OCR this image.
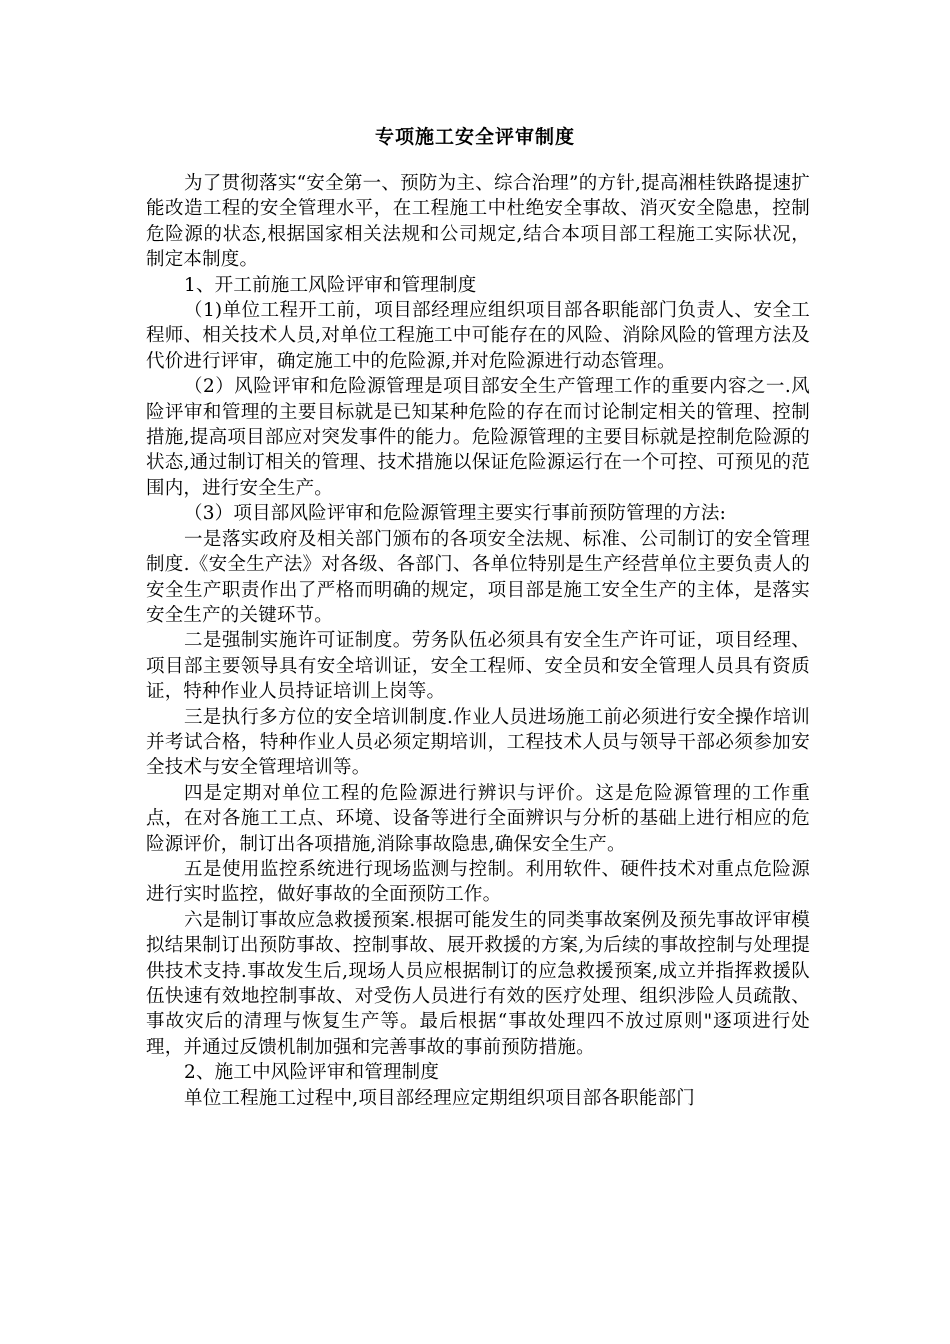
专项施工安全评审制度

为了贯彻落实“安全第一、预防为主、综合治理”的方针,提高湘桂铁路提速扩能改造工程的安全管理水平，在工程施工中杜绝安全事故、消灭安全隐患，控制危险源的状态,根据国家相关法规和公司规定,结合本项目部工程施工实际状况，制定本制度。

1、开工前施工风险评审和管理制度

（1)单位工程开工前，项目部经理应组织项目部各职能部门负责人、安全工程师、相关技术人员,对单位工程施工中可能存在的风险、消除风险的管理方法及代价进行评审，确定施工中的危险源,并对危险源进行动态管理。

（2）风险评审和危险源管理是项目部安全生产管理工作的重要内容之一.风险评审和管理的主要目标就是已知某种危险的存在而讨论制定相关的管理、控制措施,提高项目部应对突发事件的能力。危险源管理的主要目标就是控制危险源的状态,通过制订相关的管理、技术措施以保证危险源运行在一个可控、可预见的范围内，进行安全生产。

（3）项目部风险评审和危险源管理主要实行事前预防管理的方法:

一是落实政府及相关部门颁布的各项安全法规、标准、公司制订的安全管理制度.《安全生产法》对各级、各部门、各单位特别是生产经营单位主要负责人的安全生产职责作出了严格而明确的规定，项目部是施工安全生产的主体，是落实安全生产的关键环节。

二是强制实施许可证制度。劳务队伍必须具有安全生产许可证，项目经理、项目部主要领导具有安全培训证，安全工程师、安全员和安全管理人员具有资质证，特种作业人员持证培训上岗等。

三是执行多方位的安全培训制度.作业人员进场施工前必须进行安全操作培训并考试合格，特种作业人员必须定期培训，工程技术人员与领导干部必须参加安全技术与安全管理培训等。

四是定期对单位工程的危险源进行辨识与评价。这是危险源管理的工作重点，在对各施工工点、环境、设备等进行全面辨识与分析的基础上进行相应的危险源评价，制订出各项措施,消除事故隐患,确保安全生产。

五是使用监控系统进行现场监测与控制。利用软件、硬件技术对重点危险源进行实时监控，做好事故的全面预防工作。

六是制订事故应急救援预案.根据可能发生的同类事故案例及预先事故评审模拟结果制订出预防事故、控制事故、展开救援的方案,为后续的事故控制与处理提供技术支持.事故发生后,现场人员应根据制订的应急救援预案,成立并指挥救援队伍快速有效地控制事故、对受伤人员进行有效的医疗处理、组织涉险人员疏散、事故灾后的清理与恢复生产等。最后根据“事故处理四不放过原则"逐项进行处理，并通过反馈机制加强和完善事故的事前预防措施。

2、施工中风险评审和管理制度

单位工程施工过程中,项目部经理应定期组织项目部各职能部门
